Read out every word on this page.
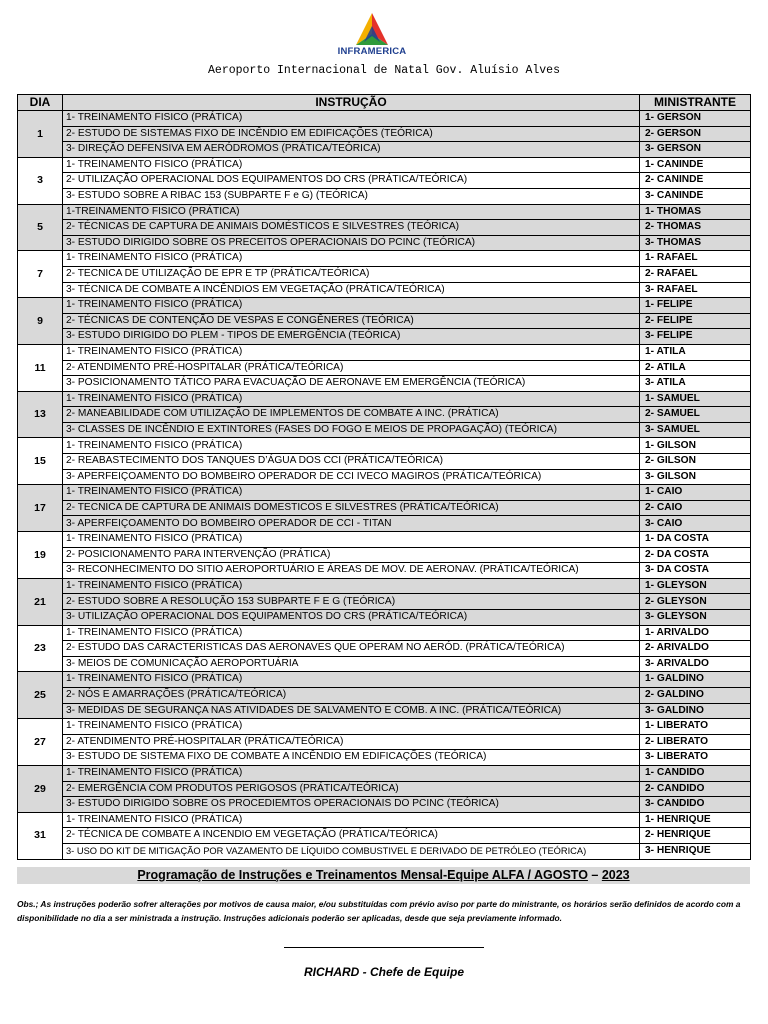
INFRAMERICA
Aeroporto Internacional de Natal Gov. Aluísio Alves
DIA	INSTRUÇÃO	MINISTRANTE
1	1- TREINAMENTO FISICO (PRÁTICA)	1- GERSON
	2- ESTUDO DE SISTEMAS FIXO DE INCÊNDIO EM EDIFICAÇÕES (TEÓRICA)	2- GERSON
	3- DIREÇÃO DEFENSIVA EM AERÓDROMOS (PRÁTICA/TEÓRICA)	3- GERSON
3	1- TREINAMENTO FISICO (PRÁTICA)	1- CANINDE
	2- UTILIZAÇÃO OPERACIONAL DOS EQUIPAMENTOS DO CRS (PRÁTICA/TEÓRICA)	2- CANINDE
	3- ESTUDO SOBRE A RIBAC 153 (SUBPARTE F e G) (TEÓRICA)	3- CANINDE
5	1-TREINAMENTO FISICO (PRÁTICA)	1- THOMAS
	2- TÉCNICAS DE CAPTURA DE ANIMAIS DOMÉSTICOS E SILVESTRES (TEÓRICA)	2- THOMAS
	3- ESTUDO DIRIGIDO SOBRE OS PRECEITOS OPERACIONAIS DO PCINC (TEÓRICA)	3- THOMAS
7	1- TREINAMENTO FISICO (PRÁTICA)	1- RAFAEL
	2- TECNICA DE UTILIZAÇÃO DE EPR E TP (PRÁTICA/TEÓRICA)	2- RAFAEL
	3- TÉCNICA DE COMBATE A INCÊNDIOS EM VEGETAÇÃO (PRÁTICA/TEÓRICA)	3- RAFAEL
9	1- TREINAMENTO FISICO (PRÁTICA)	1- FELIPE
	2- TÉCNICAS DE CONTENÇÃO DE VESPAS E CONGÊNERES (TEÓRICA)	2- FELIPE
	3- ESTUDO DIRIGIDO DO PLEM - TIPOS DE EMERGÊNCIA (TEÓRICA)	3- FELIPE
11	1- TREINAMENTO FISICO (PRÁTICA)	1- ATILA
	2- ATENDIMENTO PRÉ-HOSPITALAR (PRÁTICA/TEÓRICA)	2- ATILA
	3- POSICIONAMENTO TÁTICO PARA EVACUAÇÃO DE AERONAVE EM EMERGÊNCIA (TEÓRICA)	3- ATILA
13	1- TREINAMENTO FISICO (PRÁTICA)	1- SAMUEL
	2- MANEABILIDADE COM UTILIZAÇÃO DE IMPLEMENTOS DE COMBATE A INC. (PRÁTICA)	2- SAMUEL
	3- CLASSES DE INCÊNDIO E EXTINTORES (FASES DO FOGO E MEIOS DE PROPAGAÇÃO) (TEÓRICA)	3- SAMUEL
15	1- TREINAMENTO FISICO (PRÁTICA)	1- GILSON
	2- REABASTECIMENTO DOS TANQUES D’ÁGUA DOS CCI (PRÁTICA/TEÓRICA)	2- GILSON
	3- APERFEIÇOAMENTO DO BOMBEIRO OPERADOR DE CCI IVECO MAGIROS (PRÁTICA/TEÓRICA)	3- GILSON
17	1- TREINAMENTO FISICO (PRÁTICA)	1- CAIO
	2- TECNICA DE CAPTURA DE ANIMAIS DOMESTICOS E SILVESTRES (PRÁTICA/TEÓRICA)	2- CAIO
	3- APERFEIÇOAMENTO DO BOMBEIRO OPERADOR DE CCI - TITAN	3- CAIO
19	1- TREINAMENTO FISICO (PRÁTICA)	1- DA COSTA
	2- POSICIONAMENTO PARA INTERVENÇÃO (PRÁTICA)	2- DA COSTA
	3- RECONHECIMENTO DO SITIO AEROPORTUÁRIO E ÁREAS DE MOV. DE AERONAV. (PRÁTICA/TEÓRICA)	3- DA COSTA
21	1- TREINAMENTO FISICO (PRÁTICA)	1- GLEYSON
	2- ESTUDO SOBRE A RESOLUÇÃO 153 SUBPARTE F E G (TEÓRICA)	2- GLEYSON
	3- UTILIZAÇÃO OPERACIONAL DOS EQUIPAMENTOS DO CRS (PRÁTICA/TEÓRICA)	3- GLEYSON
23	1- TREINAMENTO FISICO (PRÁTICA)	1- ARIVALDO
	2- ESTUDO DAS CARACTERISTICAS DAS AERONAVES QUE OPERAM NO AERÓD. (PRÁTICA/TEÓRICA)	2- ARIVALDO
	3- MEIOS DE COMUNICAÇÃO AEROPORTUÁRIA	3- ARIVALDO
25	1- TREINAMENTO FISICO (PRÁTICA)	1- GALDINO
	2- NÓS E AMARRAÇÕES (PRÁTICA/TEÓRICA)	2- GALDINO
	3- MEDIDAS DE SEGURANÇA NAS ATIVIDADES DE SALVAMENTO E COMB. A INC. (PRÁTICA/TEÓRICA)	3- GALDINO
27	1- TREINAMENTO FISICO (PRÁTICA)	1- LIBERATO
	2- ATENDIMENTO PRÉ-HOSPITALAR (PRÁTICA/TEÓRICA)	2- LIBERATO
	3- ESTUDO DE SISTEMA FIXO DE COMBATE A INCÊNDIO EM EDIFICAÇÕES (TEÓRICA)	3- LIBERATO
29	1- TREINAMENTO FISICO (PRÁTICA)	1- CANDIDO
	2- EMERGÊNCIA COM PRODUTOS PERIGOSOS (PRÁTICA/TEÓRICA)	2- CANDIDO
	3- ESTUDO DIRIGIDO SOBRE OS PROCEDIEMTOS OPERACIONAIS DO PCINC (TEÓRICA)	3- CANDIDO
31	1- TREINAMENTO FISICO (PRÁTICA)	1- HENRIQUE
	2- TÉCNICA DE COMBATE A INCENDIO EM VEGETAÇÃO (PRÁTICA/TEÓRICA)	2- HENRIQUE
	3- USO DO KIT DE MITIGAÇÃO POR VAZAMENTO DE LÍQUIDO COMBUSTIVEL E DERIVADO DE PETRÓLEO (TEÓRICA)	3- HENRIQUE
Programação de Instruções e Treinamentos Mensal-Equipe ALFA / AGOSTO – 2023
Obs.; As instruções poderão sofrer alterações por motivos de causa maior, e/ou substituídas com prévio aviso por parte do ministrante, os horários serão definidos de acordo com a disponibilidade no dia a ser ministrada a instrução. Instruções adicionais poderão ser aplicadas, desde que seja previamente informado.
RICHARD - Chefe de Equipe
